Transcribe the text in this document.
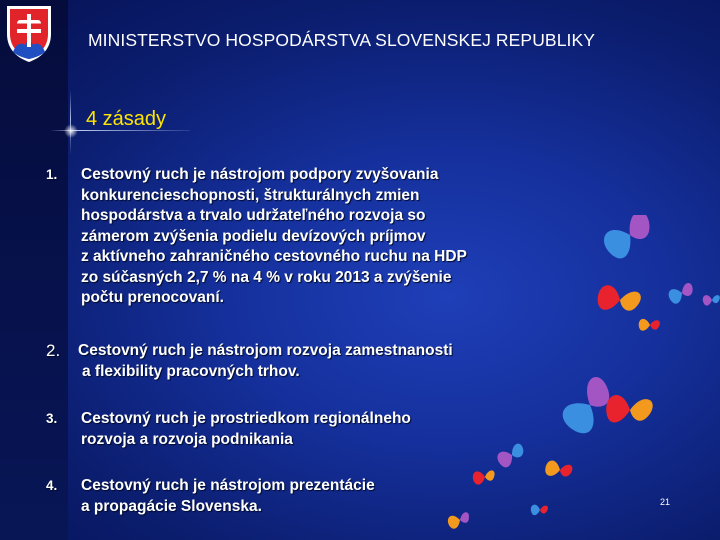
MINISTERSTVO HOSPODÁRSTVA SLOVENSKEJ REPUBLIKY
4 zásady
1. Cestovný ruch je nástrojom podpory zvyšovania
konkurencieschopnosti, štrukturálnych zmien
hospodárstva a trvalo udržateľného rozvoja so
zámerom zvýšenia podielu devízových príjmov
z aktívneho zahraničného cestovného ruchu na HDP
zo súčasných 2,7 % na 4 % v roku 2013 a zvýšenie
počtu prenocovaní.
2. Cestovný ruch je nástrojom rozvoja zamestnanosti
a flexibility pracovných trhov.
3. Cestovný ruch je prostriedkom regionálneho
rozvoja a rozvoja podnikania
4. Cestovný ruch je nástrojom prezentácie
a propagácie Slovenska.	21
